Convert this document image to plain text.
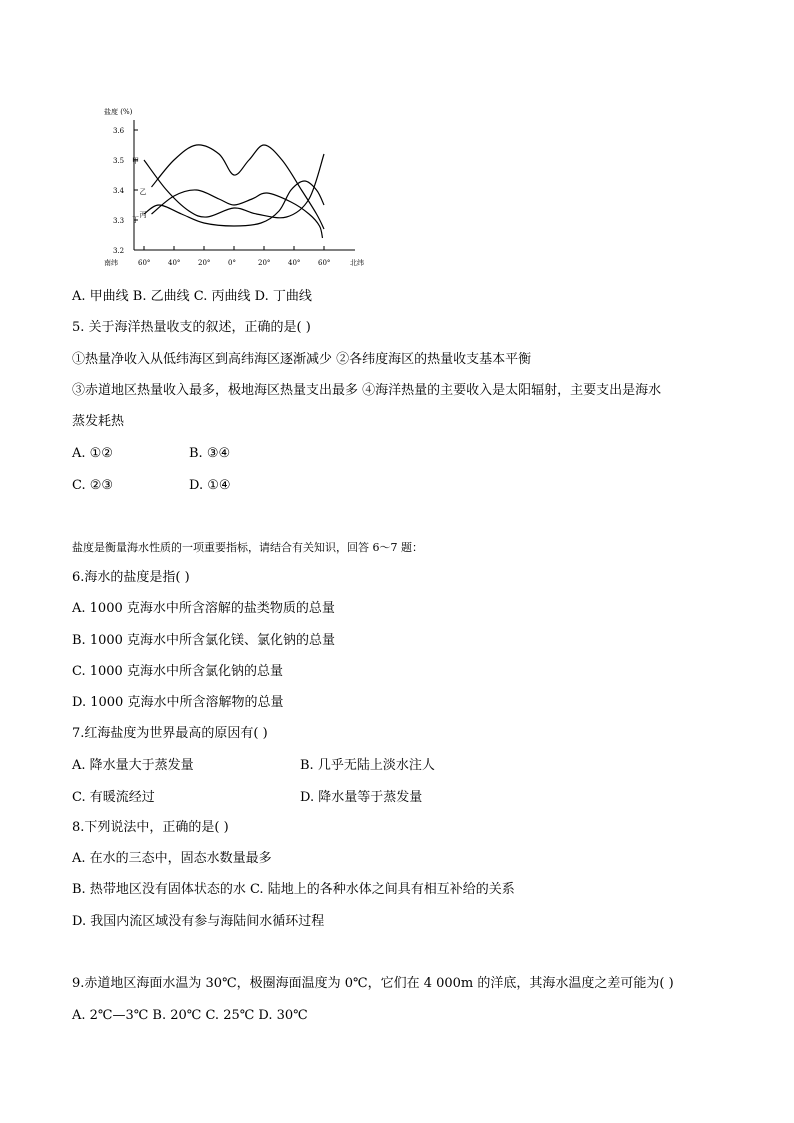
盐度 (%)
3.6
3.5
3.4
3.3
3.2
南纬	60°	40°	20°	0°	20°	40°	60°	北纬
甲
乙
丙
丁
A. 甲曲线 B. 乙曲线 C. 丙曲线 D. 丁曲线
5. 关于海洋热量收支的叙述，正确的是( )
①热量净收入从低纬海区到高纬海区逐渐减少 ②各纬度海区的热量收支基本平衡
③赤道地区热量收入最多，极地海区热量支出最多 ④海洋热量的主要收入是太阳辐射，主要支出是海水
蒸发耗热
A. ①②	B. ③④
C. ②③	D. ①④
盐度是衡量海水性质的一项重要指标，请结合有关知识，回答 6～7 题：
6.海水的盐度是指( )
A. 1000 克海水中所含溶解的盐类物质的总量
B. 1000 克海水中所含氯化镁、氯化钠的总量
C. 1000 克海水中所含氯化钠的总量
D. 1000 克海水中所含溶解物的总量
7.红海盐度为世界最高的原因有( )
A. 降水量大于蒸发量	B. 几乎无陆上淡水注人
C. 有暖流经过	D. 降水量等于蒸发量
8.下列说法中，正确的是( )
A. 在水的三态中，固态水数量最多
B. 热带地区没有固体状态的水 C. 陆地上的各种水体之间具有相互补给的关系
D. 我国内流区域没有参与海陆间水循环过程
9.赤道地区海面水温为 30℃，极圈海面温度为 0℃，它们在 4 000m 的洋底，其海水温度之差可能为( )
A. 2℃—3℃ B. 20℃ C. 25℃ D. 30℃
